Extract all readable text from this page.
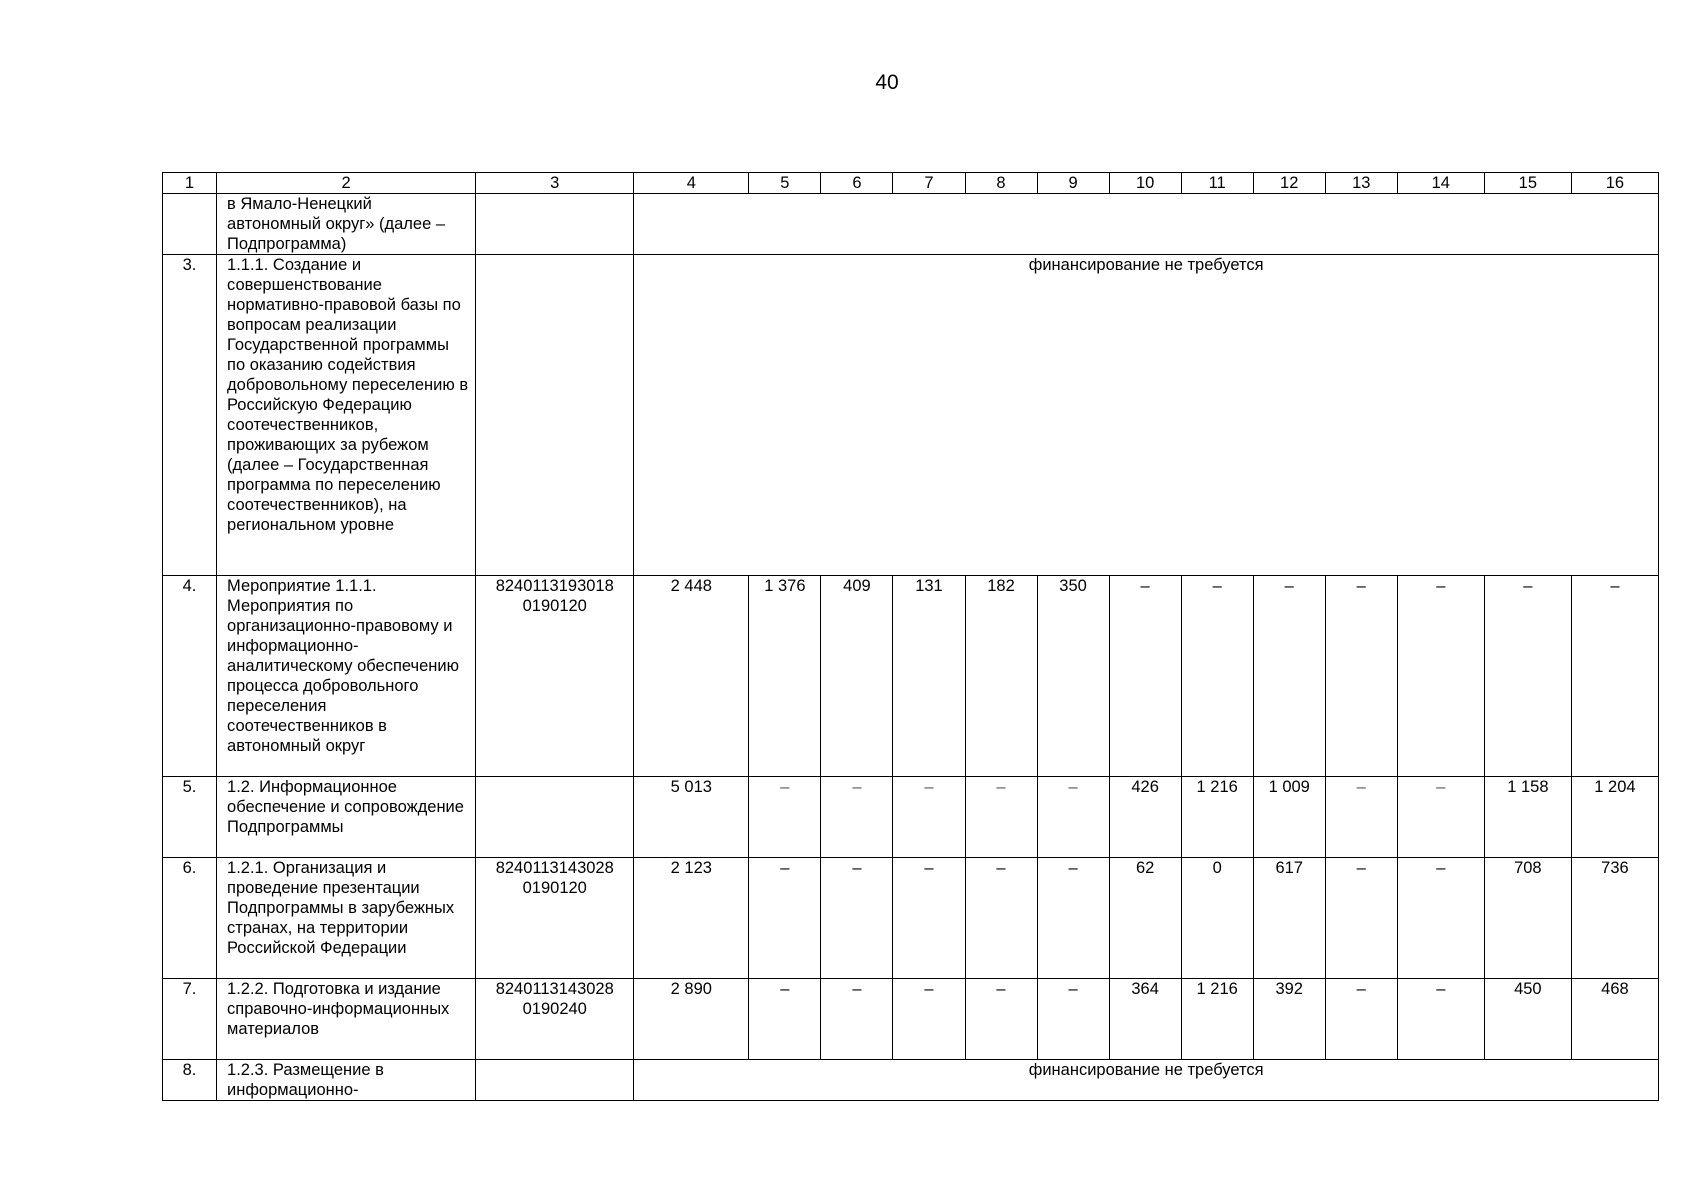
40
1	2	3	4	5	6	7	8	9	10	11	12	13	14	15	16
	в Ямало-Ненецкий автономный округ» (далее – Подпрограмма)														
3.	1.1.1. Создание и совершенствование нормативно-правовой базы по вопросам реализации Государственной программы по оказанию содействия добровольному переселению в Российскую Федерацию соотечественников, проживающих за рубежом (далее – Государственная программа по переселению соотечественников), на региональном уровне		финансирование не требуется												
4.	Мероприятие 1.1.1. Мероприятия по организационно-правовому и информационно-аналитическому обеспечению процесса добровольного переселения соотечественников в автономный округ	8240113193018 0190120	2 448	1 376	409	131	182	350	–	–	–	–	–	–	–
5.	1.2. Информационное обеспечение и сопровождение Подпрограммы		5 013	–	–	–	–	–	426	1 216	1 009	–	–	1 158	1 204
6.	1.2.1. Организация и проведение презентации Подпрограммы в зарубежных странах, на территории Российской Федерации	8240113143028 0190120	2 123	–	–	–	–	–	62	0	617	–	–	708	736
7.	1.2.2. Подготовка и издание справочно-информационных материалов	8240113143028 0190240	2 890	–	–	–	–	–	364	1 216	392	–	–	450	468
8.	1.2.3. Размещение в информационно-		финансирование не требуется												
